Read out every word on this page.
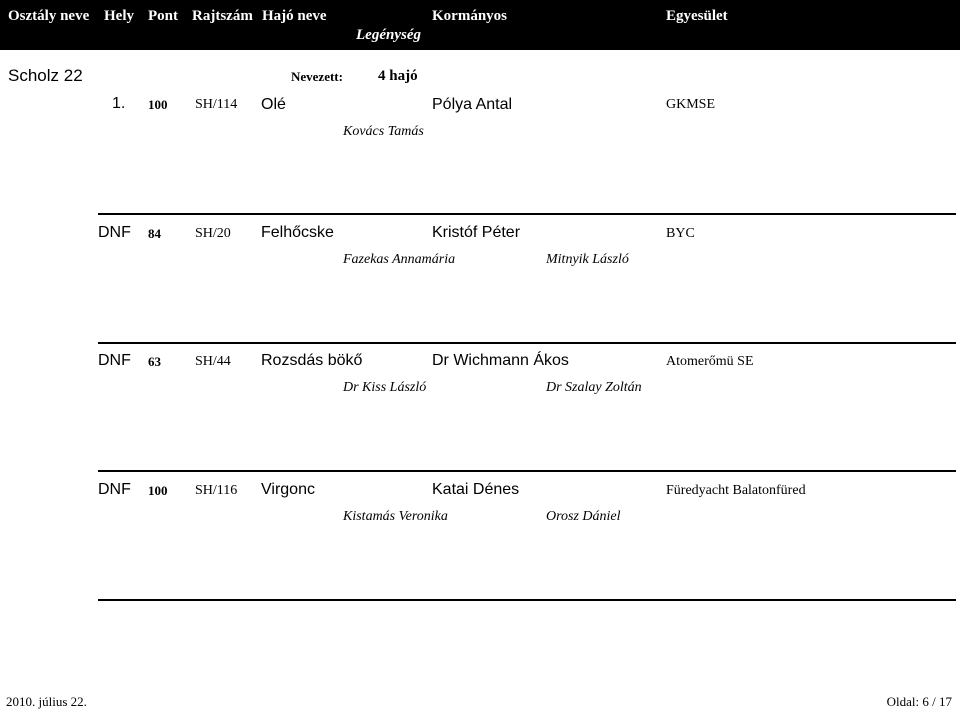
Osztály neve Hely Pont Rajtszám Hajó neve
Legénység
Kormányos	Egyesület
Scholz 22	Nevezett: 4 hajó
1. 100 SH/114 Olé	Pólya Antal	GKMSE
Kovács Tamás
DNF 84 SH/20 Felhőcske	Kristóf Péter	BYC
Fazekas Annamária	Mitnyik László
DNF 63 SH/44 Rozsdás bökő	Dr Wichmann Ákos	Atomerőmü SE
Dr Kiss László	Dr Szalay Zoltán
DNF 100 SH/116 Virgonc	Katai Dénes	Füredyacht Balatonfüred
Kistamás Veronika	Orosz Dániel
2010. július 22.	Oldal: 6 / 17
